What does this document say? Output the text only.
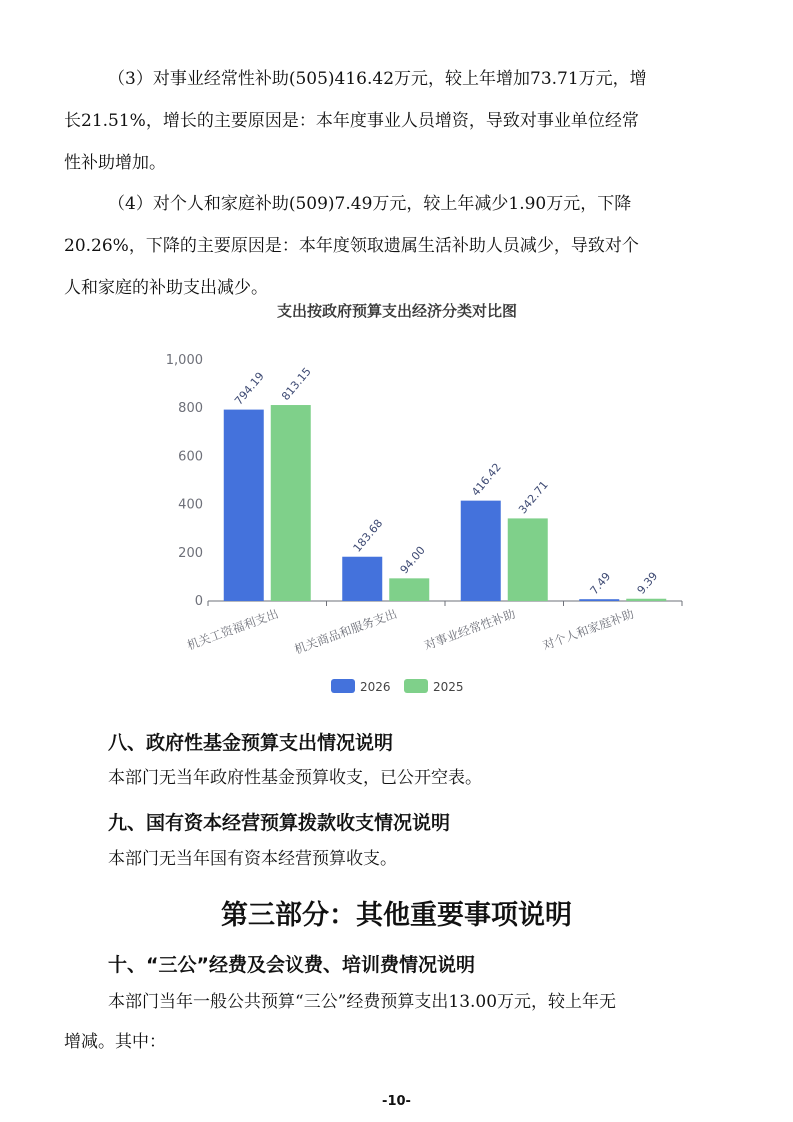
（3）对事业经常性补助(505)416.42万元，较上年增加73.71万元，增
长21.51%，增长的主要原因是：本年度事业人员增资，导致对事业单位经常
性补助增加。
（4）对个人和家庭补助(509)7.49万元，较上年减少1.90万元，下降
20.26%，下降的主要原因是：本年度领取遗属生活补助人员减少，导致对个
人和家庭的补助支出减少。
支出按政府预算支出经济分类对比图
0
200
400
600
800
1,000
机关工资福利支出 机关商品和服务支出 对事业经常性补助 对个人和家庭补助
794.19
183.68
416.42
7.49
813.15
94.00
342.71
9.39
2026	2025
八、政府性基金预算支出情况说明
本部门无当年政府性基金预算收支，已公开空表。
九、国有资本经营预算拨款收支情况说明
本部门无当年国有资本经营预算收支。
第三部分：其他重要事项说明
十、“三公”经费及会议费、培训费情况说明
本部门当年一般公共预算“三公”经费预算支出13.00万元，较上年无
增减。其中：
-10-
